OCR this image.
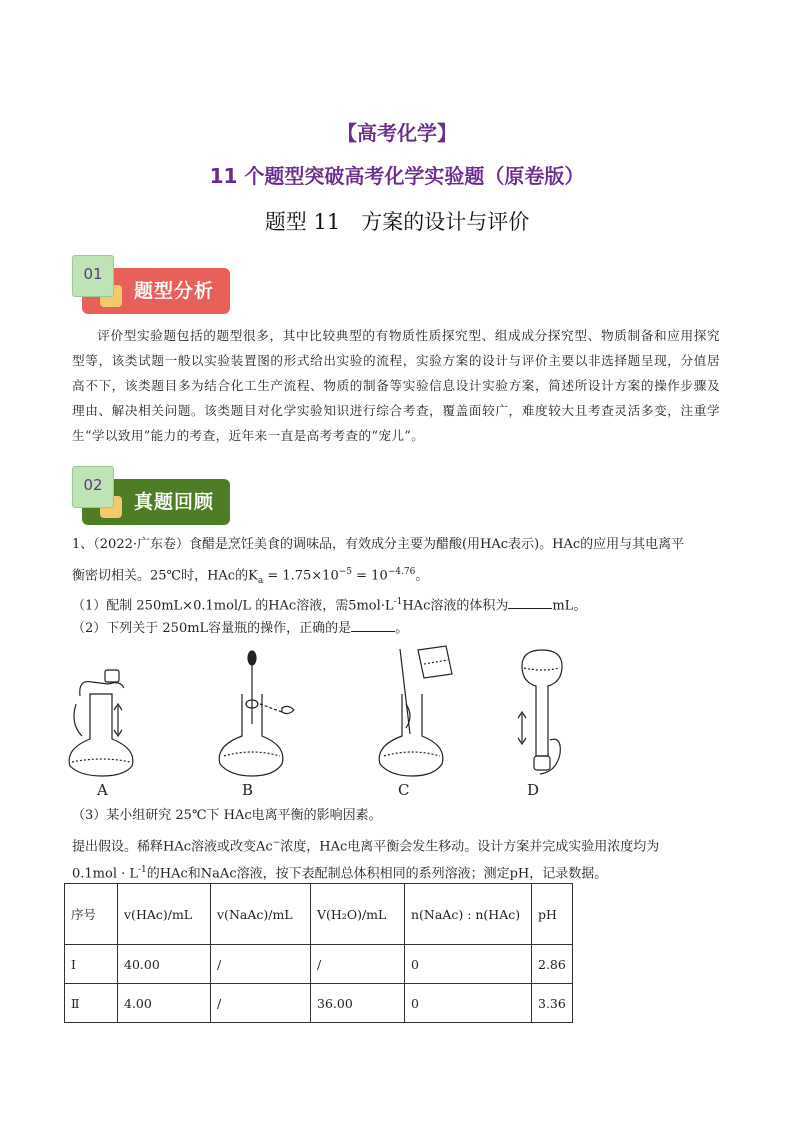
【高考化学】
11 个题型突破高考化学实验题（原卷版）
题型 11　方案的设计与评价
题型分析
01
评价型实验题包括的题型很多，其中比较典型的有物质性质探究型、组成成分探究型、物质制备和应用探究型等，该类试题一般以实验装置图的形式给出实验的流程，实验方案的设计与评价主要以非选择题呈现，分值居高不下，该类题目多为结合化工生产流程、物质的制备等实验信息设计实验方案，简述所设计方案的操作步骤及理由、解决相关问题。该类题目对化学实验知识进行综合考查，覆盖面较广，难度较大且考查灵活多变，注重学生“学以致用”能力的考查，近年来一直是高考考查的“宠儿”。
真题回顾
02
1、（2022·广东卷）食醋是烹饪美食的调味品，有效成分主要为醋酸(用HAc表示)。HAc的应用与其电离平
衡密切相关。25℃时，HAc的$K_a = 1.75\times 10^{-5} = 10^{-4.76}$。
（1）配制 250mL×0.1mol/L 的HAc溶液，需$5mol\cdot L^{-1}HAc$溶液的体积为	mL。
（2）下列关于 250mL容量瓶的操作，正确的是	。
A	B	C	D
（3）某小组研究 25℃下 HAc电离平衡的影响因素。
提出假设。稀释HAc溶液或改变Ac−浓度，HAc电离平衡会发生移动。设计方案并完成实验用浓度均为
$0.1mol \cdot L^{-1}$的HAc和NaAc溶液，按下表配制总体积相同的系列溶液；测定pH，记录数据。
序号	v(HAc)/mL	v(NaAc)/mL	V(H₂O)/mL	n(NaAc) : n(HAc)	pH
Ⅰ	40.00	/	/	0	2.86
Ⅱ	4.00	/	36.00	0	3.36
